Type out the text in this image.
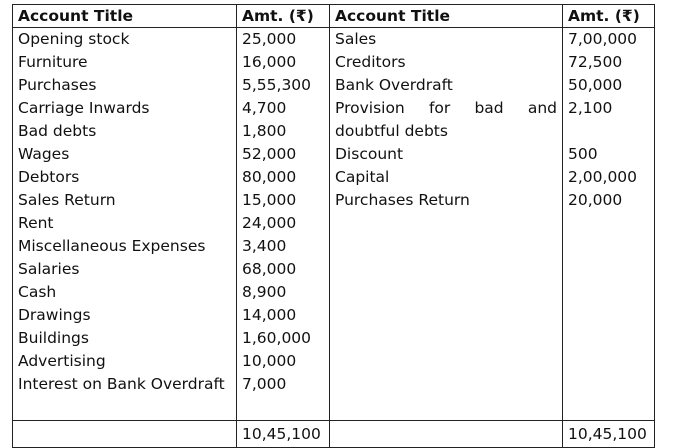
Account Title	Amt. (₹)	Account Title	Amt. (₹)
Opening stock	25,000	Sales	7,00,000
Furniture	16,000	Creditors	72,500
Purchases	5,55,300	Bank Overdraft	50,000
Carriage Inwards	4,700	Provision for bad and	2,100
Bad debts	1,800	doubtful debts	
Wages	52,000	Discount	500
Debtors	80,000	Capital	2,00,000
Sales Return	15,000	Purchases Return	20,000
Rent	24,000		
Miscellaneous Expenses	3,400		
Salaries	68,000		
Cash	8,900		
Drawings	14,000		
Buildings	1,60,000		
Advertising	10,000		
Interest on Bank Overdraft	7,000		

	10,45,100		10,45,100
